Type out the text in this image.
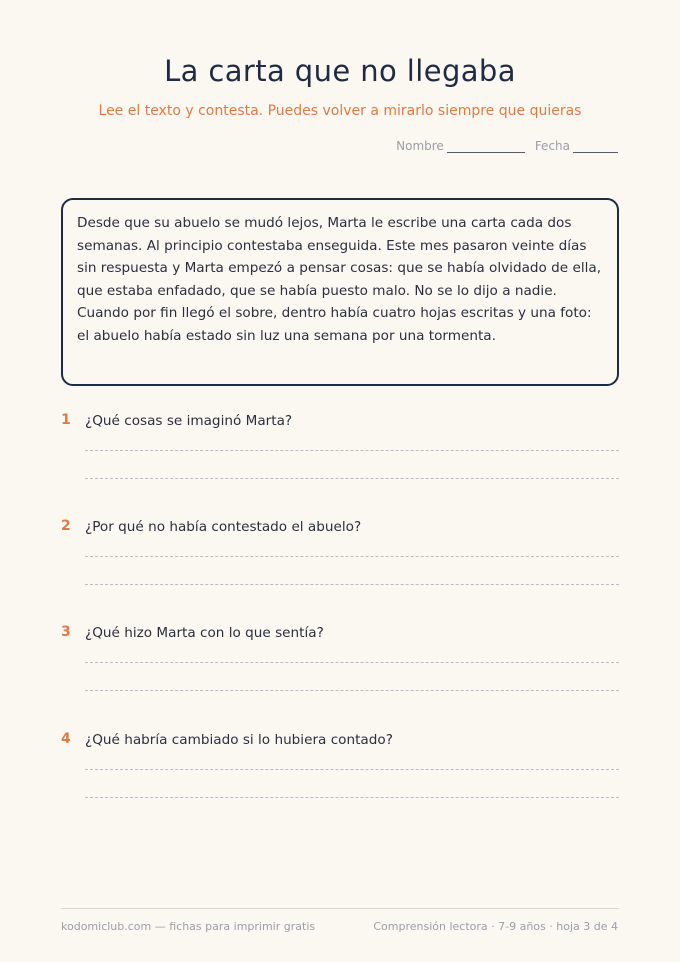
La carta que no llegaba
Lee el texto y contesta. Puedes volver a mirarlo siempre que quieras
Nombre	Fecha
Desde que su abuelo se mudó lejos, Marta le escribe una carta cada dos semanas. Al principio contestaba enseguida. Este mes pasaron veinte días sin respuesta y Marta empezó a pensar cosas: que se había olvidado de ella, que estaba enfadado, que se había puesto malo. No se lo dijo a nadie. Cuando por fin llegó el sobre, dentro había cuatro hojas escritas y una foto: el abuelo había estado sin luz una semana por una tormenta.
1 ¿Qué cosas se imaginó Marta?
2 ¿Por qué no había contestado el abuelo?
3 ¿Qué hizo Marta con lo que sentía?
4 ¿Qué habría cambiado si lo hubiera contado?
kodomiclub.com — fichas para imprimir gratis	Comprensión lectora · 7-9 años · hoja 3 de 4
